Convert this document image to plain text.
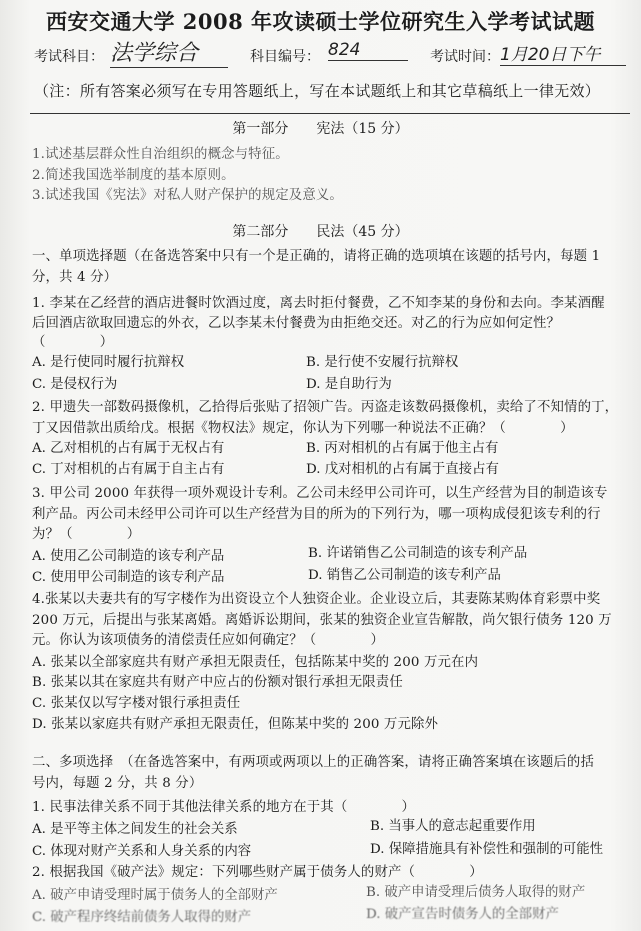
西安交通大学 2008 年攻读硕士学位研究生入学考试试题
考试科目： 法学综合	科目编号： 824	考试时间： 1月20日下午
（注：所有答案必须写在专用答题纸上，写在本试题纸上和其它草稿纸上一律无效）
第一部分　　宪法（15 分）
1.试述基层群众性自治组织的概念与特征。
2.简述我国选举制度的基本原则。
3.试述我国《宪法》对私人财产保护的规定及意义。
第二部分　　民法（45 分）
一、单项选择题（在备选答案中只有一个是正确的，请将正确的选项填在该题的括号内，每题 1
分，共 4 分）
1. 李某在乙经营的酒店进餐时饮酒过度，离去时拒付餐费，乙不知李某的身份和去向。李某酒醒
后回酒店欲取回遗忘的外衣，乙以李某未付餐费为由拒绝交还。对乙的行为应如何定性？
（　　　　）
A. 是行使同时履行抗辩权	B. 是行使不安履行抗辩权
C. 是侵权行为	D. 是自助行为
2. 甲遗失一部数码摄像机，乙拾得后张贴了招领广告。丙盗走该数码摄像机，卖给了不知情的丁，
丁又因借款出质给戊。根据《物权法》规定，你认为下列哪一种说法不正确？（　　　　）
A. 乙对相机的占有属于无权占有	B. 丙对相机的占有属于他主占有
C. 丁对相机的占有属于自主占有	D. 戊对相机的占有属于直接占有
3. 甲公司 2000 年获得一项外观设计专利。乙公司未经甲公司许可，以生产经营为目的制造该专
利产品。丙公司未经甲公司许可以生产经营为目的所为的下列行为，哪一项构成侵犯该专利的行
为？（　　　　）
A. 使用乙公司制造的该专利产品	B. 许诺销售乙公司制造的该专利产品
C. 使用甲公司制造的该专利产品	D. 销售乙公司制造的该专利产品
4.张某以夫妻共有的写字楼作为出资设立个人独资企业。企业设立后，其妻陈某购体育彩票中奖
200 万元，后提出与张某离婚。离婚诉讼期间，张某的独资企业宣告解散，尚欠银行债务 120 万
元。你认为该项债务的清偿责任应如何确定？（　　　　）
A. 张某以全部家庭共有财产承担无限责任，包括陈某中奖的 200 万元在内
B. 张某以其在家庭共有财产中应占的份额对银行承担无限责任
C. 张某仅以写字楼对银行承担责任
D. 张某以家庭共有财产承担无限责任，但陈某中奖的 200 万元除外
二、多项选择　（在备选答案中，有两项或两项以上的正确答案，请将正确答案填在该题后的括
号内，每题 2 分，共 8 分）
1. 民事法律关系不同于其他法律关系的地方在于其（　　　　）
A. 是平等主体之间发生的社会关系	B. 当事人的意志起重要作用
C. 体现对财产关系和人身关系的内容	D. 保障措施具有补偿性和强制的可能性
2. 根据我国《破产法》规定：下列哪些财产属于债务人的财产（　　　　）
A. 破产申请受理时属于债务人的全部财产	B. 破产申请受理后债务人取得的财产
C. 破产程序终结前债务人取得的财产	D. 破产宣告时债务人的全部财产
